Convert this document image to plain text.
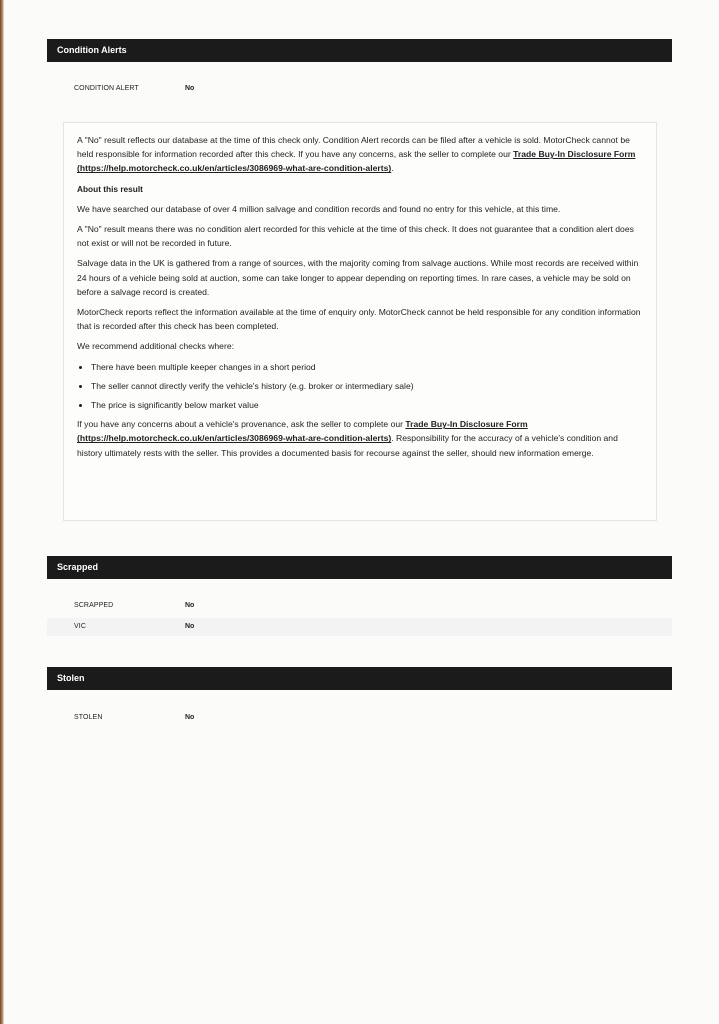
Condition Alerts
CONDITION ALERT	No

A "No" result reflects our database at the time of this check only. Condition Alert records can be filed after a vehicle is sold. MotorCheck cannot be held responsible for information recorded after this check. If you have any concerns, ask the seller to complete our Trade Buy-In Disclosure Form (https://help.motorcheck.co.uk/en/articles/3086969-what-are-condition-alerts).

About this result

We have searched our database of over 4 million salvage and condition records and found no entry for this vehicle, at this time.

A "No" result means there was no condition alert recorded for this vehicle at the time of this check. It does not guarantee that a condition alert does not exist or will not be recorded in future.

Salvage data in the UK is gathered from a range of sources, with the majority coming from salvage auctions. While most records are received within 24 hours of a vehicle being sold at auction, some can take longer to appear depending on reporting times. In rare cases, a vehicle may be sold on before a salvage record is created.

MotorCheck reports reflect the information available at the time of enquiry only. MotorCheck cannot be held responsible for any condition information that is recorded after this check has been completed.

We recommend additional checks where:

• There have been multiple keeper changes in a short period
• The seller cannot directly verify the vehicle's history (e.g. broker or intermediary sale)
• The price is significantly below market value

If you have any concerns about a vehicle's provenance, ask the seller to complete our Trade Buy-In Disclosure Form (https://help.motorcheck.co.uk/en/articles/3086969-what-are-condition-alerts). Responsibility for the accuracy of a vehicle's condition and history ultimately rests with the seller. This provides a documented basis for recourse against the seller, should new information emerge.

Scrapped
SCRAPPED	No
VIC	No
Stolen
STOLEN	No
